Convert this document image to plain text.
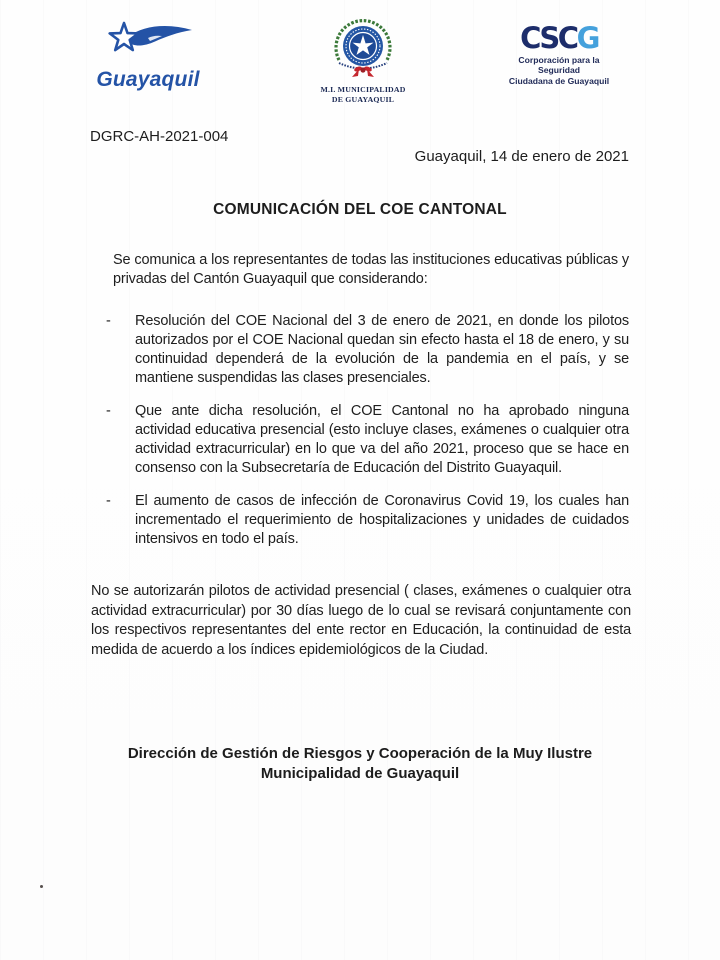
Guayaquil	M.I. MUNICIPALIDAD
DE GUAYAQUIL
CSCG
Corporación para la Seguridad
Ciudadana de Guayaquil
DGRC-AH-2021-004
Guayaquil, 14 de enero de 2021
COMUNICACIÓN DEL COE CANTONAL
Se comunica a los representantes de todas las instituciones educativas públicas y privadas del Cantón Guayaquil que considerando:
-	Resolución del COE Nacional del 3 de enero de 2021, en donde los pilotos autorizados por el COE Nacional quedan sin efecto hasta el 18 de enero, y su continuidad dependerá de la evolución de la pandemia en el país, y se mantiene suspendidas las clases presenciales.
-	Que ante dicha resolución, el COE Cantonal no ha aprobado ninguna actividad educativa presencial (esto incluye clases, exámenes o cualquier otra actividad extracurricular) en lo que va del año 2021, proceso que se hace en consenso con la Subsecretaría de Educación del Distrito Guayaquil.
-	El aumento de casos de infección de Coronavirus Covid 19, los cuales han incrementado el requerimiento de hospitalizaciones y unidades de cuidados intensivos en todo el país.
No se autorizarán pilotos de actividad presencial ( clases, exámenes o cualquier otra actividad extracurricular) por 30 días luego de lo cual se revisará conjuntamente con los respectivos representantes del ente rector en Educación, la continuidad de esta medida de acuerdo a los índices epidemiológicos de la Ciudad.
Dirección de Gestión de Riesgos y Cooperación de la Muy Ilustre
Municipalidad de Guayaquil
